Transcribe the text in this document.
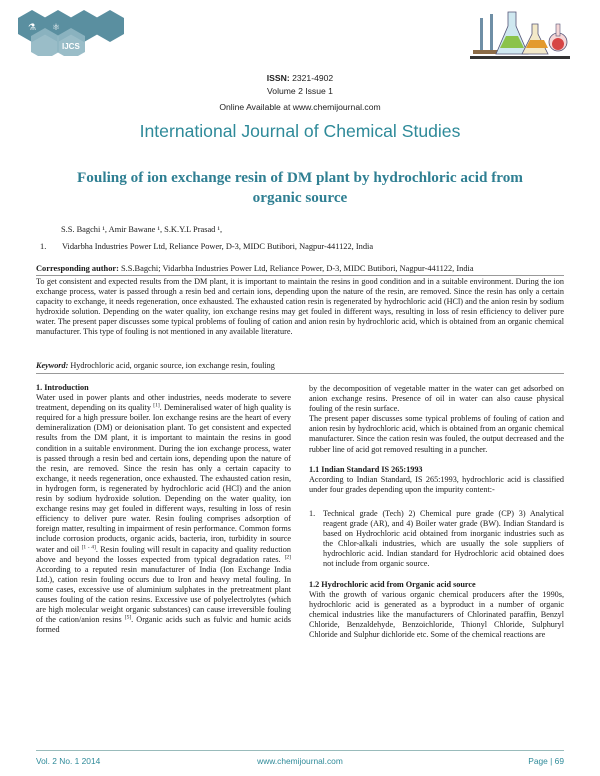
⚗ ⚛
IJCS
ISSN: 2321-4902
Volume 2 Issue 1
Online Available at www.chemijournal.com
International Journal of Chemical Studies
Fouling of ion exchange resin of DM plant by hydrochloric acid from organic source
S.S. Bagchi ¹, Amir Bawane ¹, S.K.Y.L Prasad ¹,
1. Vidarbha Industries Power Ltd, Reliance Power, D-3, MIDC Butibori, Nagpur-441122, India
Corresponding author: S.S.Bagchi; Vidarbha Industries Power Ltd, Reliance Power, D-3, MIDC Butibori, Nagpur-441122, India
To get consistent and expected results from the DM plant, it is important to maintain the resins in good condition and in a suitable environment. During the ion exchange process, water is passed through a resin bed and certain ions, depending upon the nature of the resin, are removed. Since the resin has only a certain capacity to exchange, it needs regeneration, once exhausted. The exhausted cation resin is regenerated by hydrochloric acid (HCl) and the anion resin by sodium hydroxide solution. Depending on the water quality, ion exchange resins may get fouled in different ways, resulting in loss of resin efficiency to deliver pure water. The present paper discusses some typical problems of fouling of cation and anion resin by hydrochloric acid, which is obtained from an organic chemical manufacturer. This type of fouling is not mentioned in any available literature.
Keyword: Hydrochloric acid, organic source, ion exchange resin, fouling
1. Introduction

Water used in power plants and other industries, needs moderate to severe treatment, depending on its quality [1]. Demineralised water of high quality is required for a high pressure boiler. Ion exchange resins are the heart of every demineralization (DM) or deionisation plant. To get consistent and expected results from the DM plant, it is important to maintain the resins in good condition in a suitable environment. During the ion exchange process, water is passed through a resin bed and certain ions, depending upon the nature of the resin, are removed. Since the resin has only a certain capacity to exchange, it needs regeneration, once exhausted. The exhausted cation resin, in hydrogen form, is regenerated by hydrochloric acid (HCl) and the anion resin by sodium hydroxide solution. Depending on the water quality, ion exchange resins may get fouled in different ways, resulting in loss of resin efficiency to deliver pure water. Resin fouling comprises adsorption of foreign matter, resulting in impairment of resin performance. Common forms include corrosion products, organic acids, bacteria, iron, turbidity in source water and oil [1 - 4]. Resin fouling will result in capacity and quality reduction above and beyond the losses expected from typical degradation rates. [2] According to a reputed resin manufacturer of India (Ion Exchange India Ltd.), cation resin fouling occurs due to Iron and heavy metal fouling. In some cases, excessive use of aluminium sulphates in the pretreatment plant causes fouling of the cation resins. Excessive use of polyelectrolytes (which are high molecular weight organic substances) can cause irreversible fouling of the cation/anion resins [5]. Organic acids such as fulvic and humic acids formed

by the decomposition of vegetable matter in the water can get adsorbed on anion exchange resins. Presence of oil in water can also cause physical fouling of the resin surface.

The present paper discusses some typical problems of fouling of cation and anion resin by hydrochloric acid, which is obtained from an organic chemical manufacturer. Since the cation resin was fouled, the output decreased and the rubber line of acid got removed resulting in a puncher.

1.1 Indian Standard IS 265:1993

According to Indian Standard, IS 265:1993, hydrochloric acid is classified under four grades depending upon the impurity content:-

1. Technical grade (Tech) 2) Chemical pure grade (CP) 3) Analytical reagent grade (AR), and 4) Boiler water grade (BW). Indian Standard is based on Hydrochloric acid obtained from inorganic industries such as the Chlor-alkali industries, which are usually the sole suppliers of hydrochloric acid. Indian standard for Hydrochloric acid obtained does not include from organic source.

1.2 Hydrochloric acid from Organic acid source

With the growth of various organic chemical producers after the 1990s, hydrochloric acid is generated as a byproduct in a number of organic chemical industries like the manufacturers of Chlorinated paraffin, Benzyl Chloride, Benzaldehyde, Benzoichloride, Thionyl Chloride, Sulphuryl Chloride and Sulphur dichloride etc. Some of the chemical reactions are

Vol. 2 No. 1 2014	www.chemijournal.com	Page | 69
